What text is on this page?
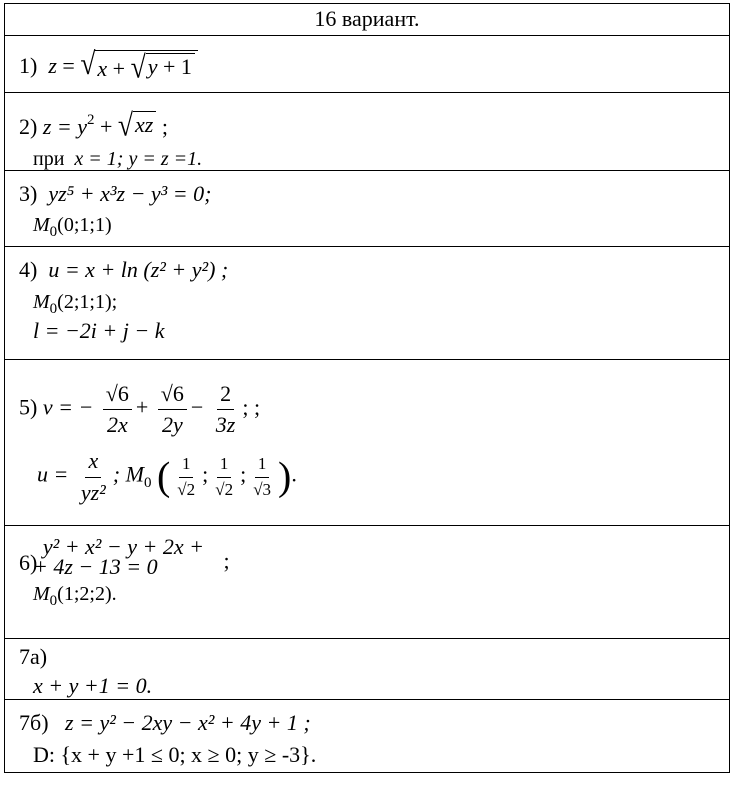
16 вариант.

1) z = √ x + √ y + 1

2) $z = y^2$ + √ xz ;
при x = 1; y = z =1.

3) yz⁵ + x³z − y³ = 0;
$M_0(0;1;1)$

4) u = x + ln (z² + y²) ;
$M_0(2;1;1)$;
l = −2i + j − k

5) v = − $\frac{√6}{2x} + \frac{√6}{2y} - \frac{2}{3z}$ ; ;
$u = \frac{x}{\text{yz²}}$ ; $M_0$ ( $\frac{1}{√2}$ ; $\frac{1}{√2}$ ; $\frac{1}{√3}$ ).

6) y² + x² − y + 2x + ;
+ 4z − 13 = 0
$M_0(1;2;2)$.

7а)
x + y +1 = 0.

7б) z = y² − 2xy − x² + 4y + 1 ;
D: {x + y +1 ≤ 0; x ≥ 0; y ≥ -3}.
